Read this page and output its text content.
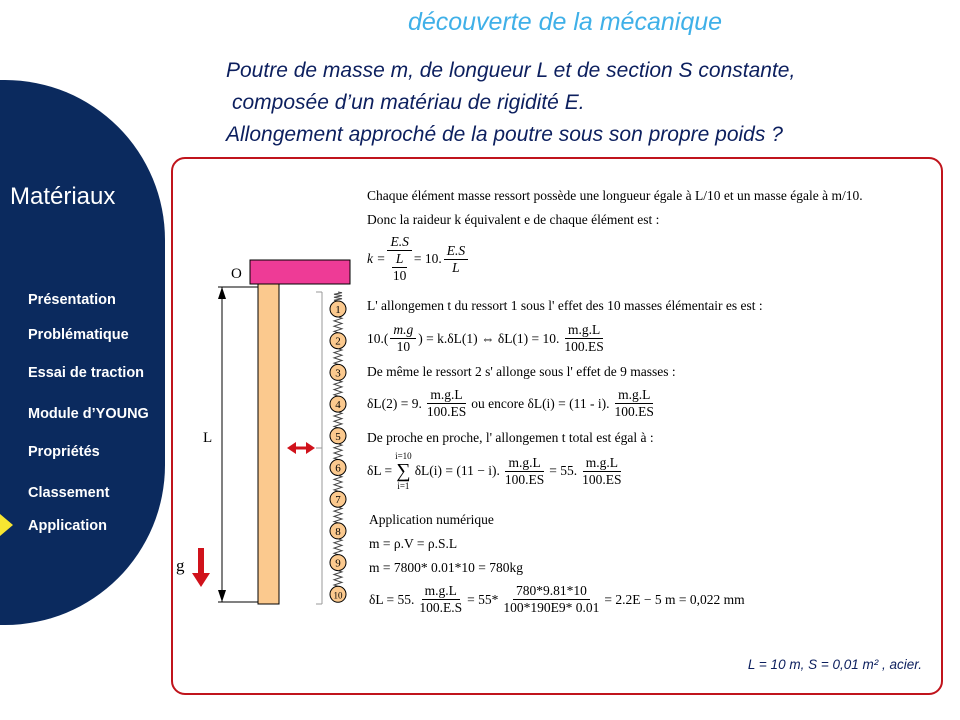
découverte de la mécanique
Poutre de masse m, de longueur L et de section S constante,
composée d’un matériau de rigidité E.
Allongement approché de la poutre sous son propre poids ?
Matériaux
Présentation
Problématique
Essai de traction
Module d’YOUNG
Propriétés
Classement
Application
1
2
3
4
5
6
7
8
9
10
O
L
g
Chaque élément masse ressort possède une longueur égale à L/10 et un masse égale à m/10.
Donc la raideur k équivalent e de chaque élément est :
k = E.S
L
10 = 10. $\frac{E.S}{L}$
L' allongemen t du ressort 1 sous l' effet des 10 masses élémentair es est :
$10.( \frac{m.g}{10}$ ) = k.δL(1) ⇔ δL(1) = 10. $\frac{m.g.L}{100.ES}$
De même le ressort 2 s' allonge sous l' effet de 9 masses :
δL(2) = 9. $\frac{m.g.L}{100.ES}$ ou encore δL(i) = (11 - i). $\frac{m.g.L}{100.ES}$
De proche en proche, l' allongemen t total est égal à :
δL =
i=10
∑
i=1
δL(i) = (11 − i). $\frac{m.g.L}{100.ES} = 55$. $\frac{m.g.L}{100.ES}$
Application numérique
m = ρ.V = ρ.S.L
m = 7800* 0.01*10 = 780kg
δL = 55. $\frac{m.g.L}{100.E.S} = 55* \frac{780*9.81*10}{100*190E9* 0.01} = 2.2E - 5$ m = 0,022 mm
L = 10 m, S = 0,01 m² , acier.
